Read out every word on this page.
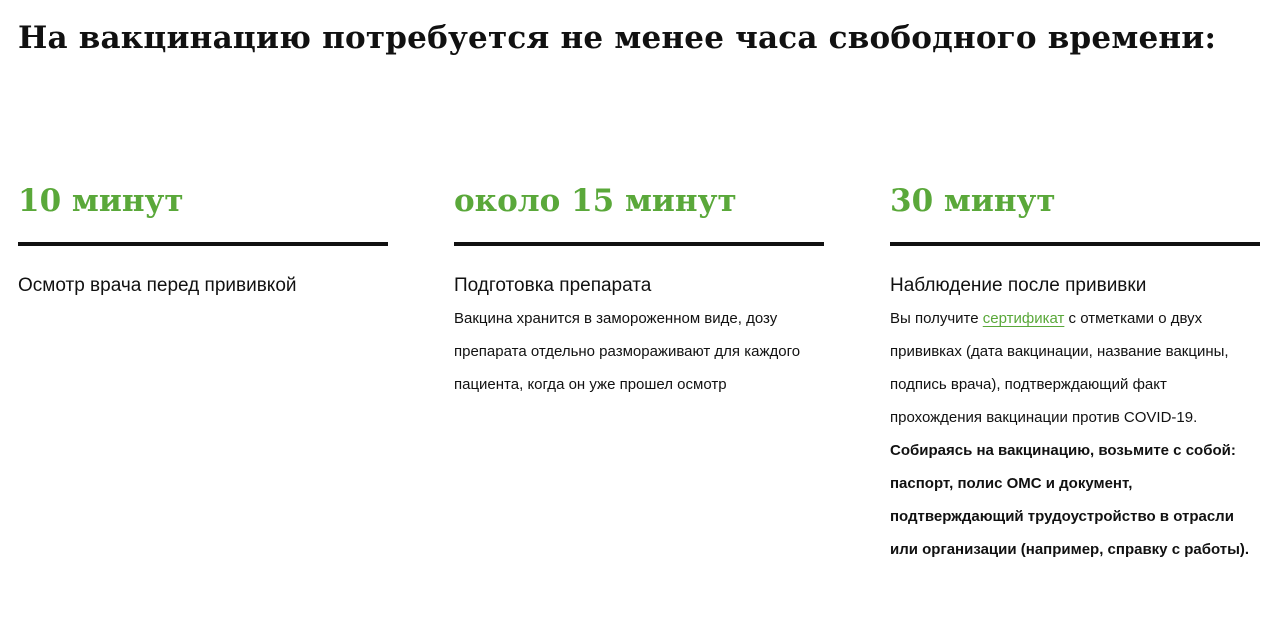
На вакцинацию потребуется не менее часа свободного времени:
10 минут
Осмотр врача перед прививкой
около 15 минут
Подготовка препарата
Вакцина хранится в замороженном виде, дозу препарата отдельно размораживают для каждого пациента, когда он уже прошел осмотр
30 минут
Наблюдение после прививки
Вы получите сертификат с отметками о двух прививках (дата вакцинации, название вакцины, подпись врача), подтверждающий факт прохождения вакцинации против COVID-19.
Собираясь на вакцинацию, возьмите с собой: паспорт, полис ОМС и документ, подтверждающий трудоустройство в отрасли или организации (например, справку с работы).
